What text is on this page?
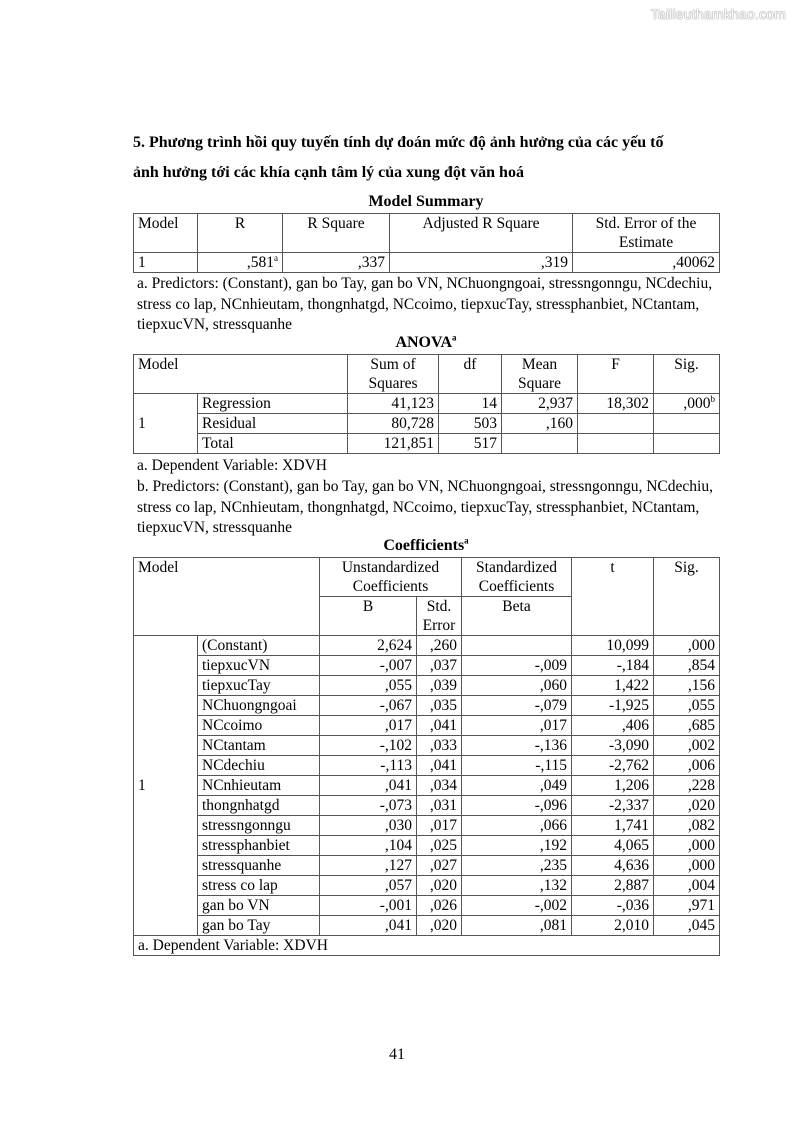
Tailieuthamkhao.com
5. Phương trình hồi quy tuyến tính dự đoán mức độ ảnh hưởng của các yếu tố
ảnh hưởng tới các khía cạnh tâm lý của xung đột văn hoá
Model Summary
Model	R	R Square	Adjusted R Square	Std. Error of the Estimate
1	,581$^a$	,337	,319	,40062
a. Predictors: (Constant), gan bo Tay, gan bo VN, NChuongngoai, stressngonngu, NCdechiu, stress co lap, NCnhieutam, thongnhatgd, NCcoimo, tiepxucTay, stressphanbiet, NCtantam, tiepxucVN, stressquanhe
ANOVA$^a$
Model		Sum of Squares	df	Mean Square	F	Sig.
1	Regression	41,123	14	2,937	18,302	,000$^b$
	Residual	80,728	503	,160		
	Total	121,851	517			
a. Dependent Variable: XDVH
b. Predictors: (Constant), gan bo Tay, gan bo VN, NChuongngoai, stressngonngu, NCdechiu, stress co lap, NCnhieutam, thongnhatgd, NCcoimo, tiepxucTay, stressphanbiet, NCtantam, tiepxucVN, stressquanhe
Coefficients$^a$
Model		Unstandardized Coefficients		Standardized Coefficients	t	Sig.
		B	Std. Error	Beta		
1	(Constant)	2,624	,260		10,099	,000
	tiepxucVN	-,007	,037	-,009	-,184	,854
	tiepxucTay	,055	,039	,060	1,422	,156
	NChuongngoai	-,067	,035	-,079	-1,925	,055
	NCcoimo	,017	,041	,017	,406	,685
	NCtantam	-,102	,033	-,136	-3,090	,002
	NCdechiu	-,113	,041	-,115	-2,762	,006
	NCnhieutam	,041	,034	,049	1,206	,228
	thongnhatgd	-,073	,031	-,096	-2,337	,020
	stressngonngu	,030	,017	,066	1,741	,082
	stressphanbiet	,104	,025	,192	4,065	,000
	stressquanhe	,127	,027	,235	4,636	,000
	stress co lap	,057	,020	,132	2,887	,004
	gan bo VN	-,001	,026	-,002	-,036	,971
	gan bo Tay	,041	,020	,081	2,010	,045
a. Dependent Variable: XDVH						
41
